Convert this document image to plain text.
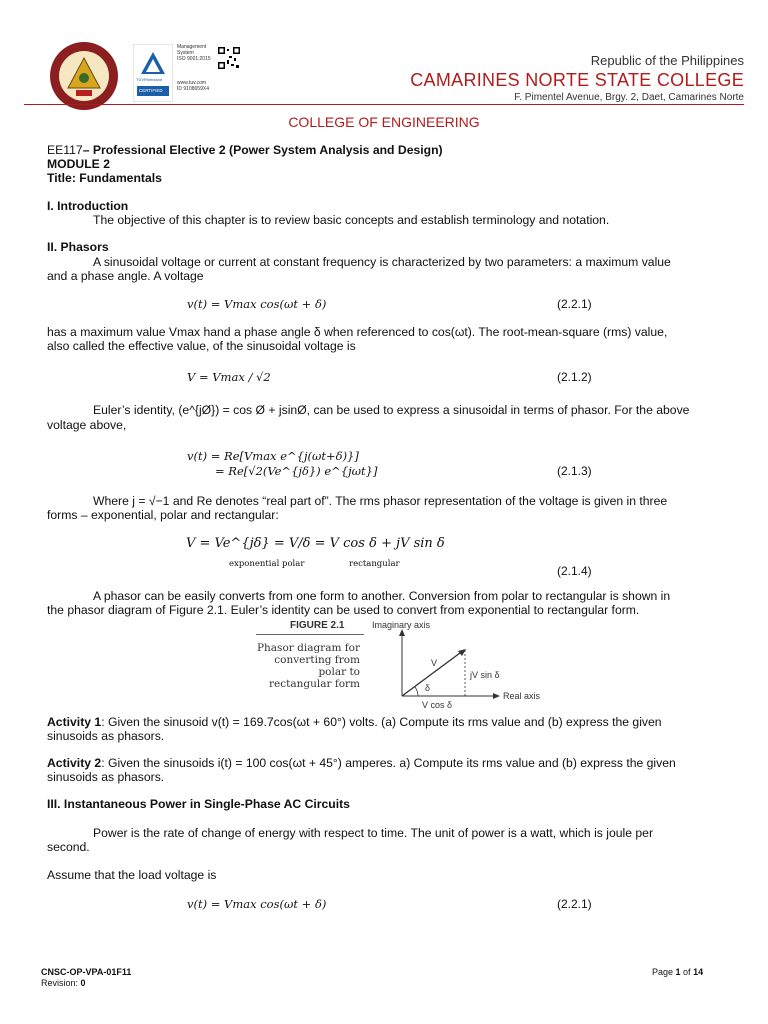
Management
System
ISO 9001:2015
www.tuv.com
ID 9108659X4
TÜVRheinland
CERTIFIED
Republic of the Philippines
CAMARINES NORTE STATE COLLEGE
F. Pimentel Avenue, Brgy. 2, Daet, Camarines Norte
COLLEGE OF ENGINEERING
EE117– Professional Elective 2 (Power System Analysis and Design)
MODULE 2
Title: Fundamentals
I. Introduction
The objective of this chapter is to review basic concepts and establish terminology and notation.
II. Phasors
A sinusoidal voltage or current at constant frequency is characterized by two parameters: a maximum value
and a phase angle. A voltage
v(t) = Vmax cos(ωt + δ)	(2.2.1)
has a maximum value Vmax hand a phase angle δ when referenced to cos(ωt). The root-mean-square (rms) value,
also called the effective value, of the sinusoidal voltage is
V = Vmax / √2	(2.1.2)
Euler’s identity, (e^{jØ}) = cos Ø + jsinØ, can be used to express a sinusoidal in terms of phasor. For the above
voltage above,
v(t) = Re[Vmax e^{j(ωt+δ)}]
= Re[√2(Ve^{jδ}) e^{jωt}]	(2.1.3)
Where j = √−1 and Re denotes “real part of”. The rms phasor representation of the voltage is given in three
forms – exponential, polar and rectangular:
V = Ve^{jδ} = V/δ = V cos δ + jV sin δ
exponential polar	rectangular	(2.1.4)
A phasor can be easily converts from one form to another. Conversion from polar to rectangular is shown in
the phasor diagram of Figure 2.1. Euler’s identity can be used to convert from exponential to rectangular form.
FIGURE 2.1
Phasor diagram for
converting from polar to
rectangular form
Imaginary axis
Real axis
V
δ
jV sin δ
V cos δ
Activity 1: Given the sinusoid v(t) = 169.7cos(ωt + 60°) volts. (a) Compute its rms value and (b) express the given
sinusoids as phasors.
Activity 2: Given the sinusoids i(t) = 100 cos(ωt + 45°) amperes. a) Compute its rms value and (b) express the given
sinusoids as phasors.
III. Instantaneous Power in Single-Phase AC Circuits
Power is the rate of change of energy with respect to time. The unit of power is a watt, which is joule per
second.
Assume that the load voltage is
v(t) = Vmax cos(ωt + δ)	(2.2.1)
CNSC-OP-VPA-01F11
Revision: 0
Page 1 of 14
